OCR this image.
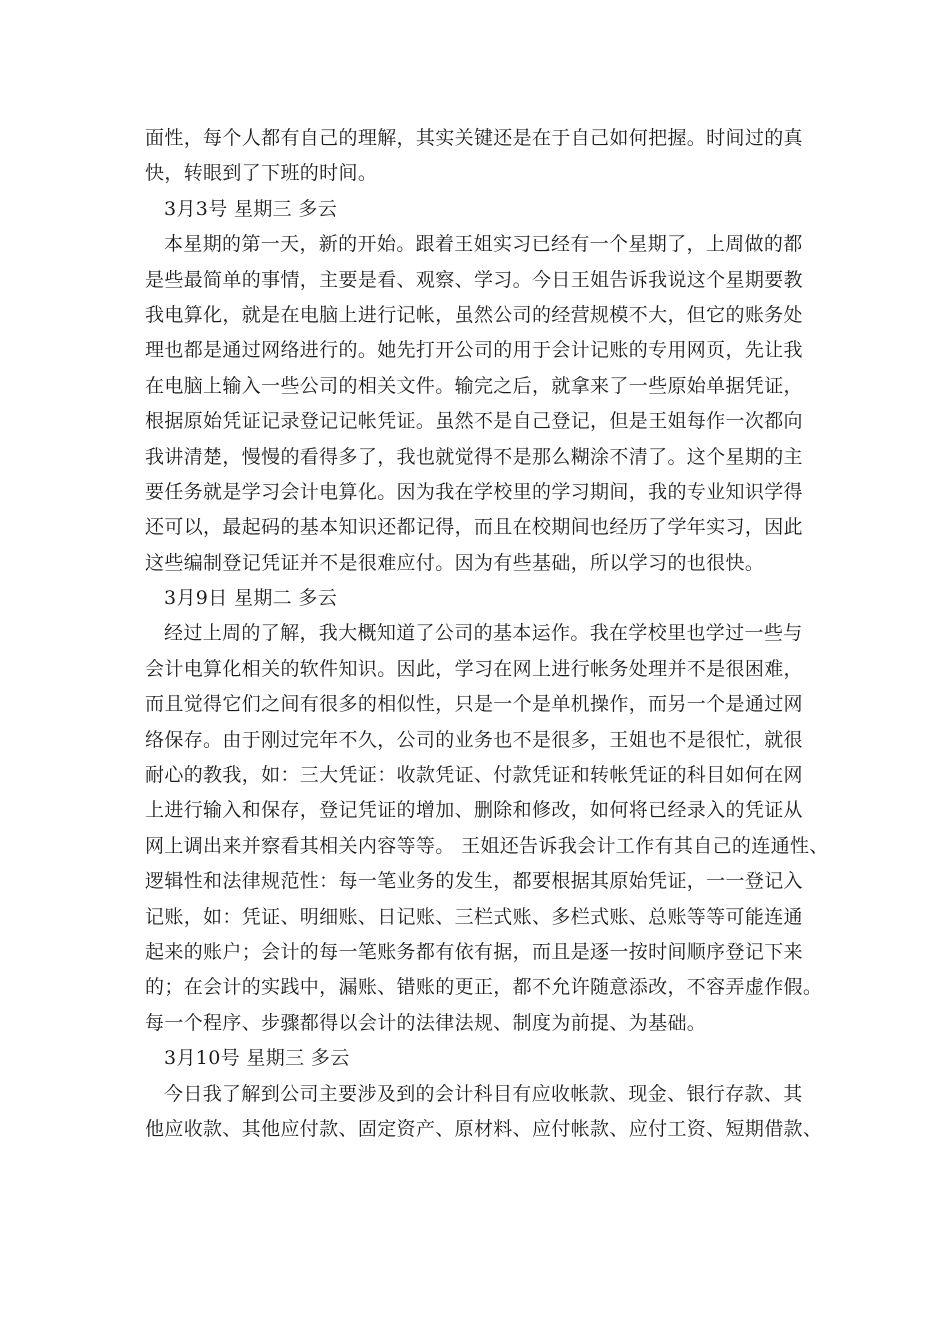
面性，每个人都有自己的理解，其实关键还是在于自己如何把握。时间过的真
快，转眼到了下班的时间。
3月3号 星期三 多云
本星期的第一天，新的开始。跟着王姐实习已经有一个星期了，上周做的都
是些最简单的事情，主要是看、观察、学习。今日王姐告诉我说这个星期要教
我电算化，就是在电脑上进行记帐，虽然公司的经营规模不大，但它的账务处
理也都是通过网络进行的。她先打开公司的用于会计记账的专用网页，先让我
在电脑上输入一些公司的相关文件。输完之后，就拿来了一些原始单据凭证，
根据原始凭证记录登记记帐凭证。虽然不是自己登记，但是王姐每作一次都向
我讲清楚，慢慢的看得多了，我也就觉得不是那么糊涂不清了。这个星期的主
要任务就是学习会计电算化。因为我在学校里的学习期间，我的专业知识学得
还可以，最起码的基本知识还都记得，而且在校期间也经历了学年实习，因此
这些编制登记凭证并不是很难应付。因为有些基础，所以学习的也很快。
3月9日 星期二 多云
经过上周的了解，我大概知道了公司的基本运作。我在学校里也学过一些与
会计电算化相关的软件知识。因此，学习在网上进行帐务处理并不是很困难，
而且觉得它们之间有很多的相似性，只是一个是单机操作，而另一个是通过网
络保存。由于刚过完年不久，公司的业务也不是很多，王姐也不是很忙，就很
耐心的教我，如：三大凭证：收款凭证、付款凭证和转帐凭证的科目如何在网
上进行输入和保存，登记凭证的增加、删除和修改，如何将已经录入的凭证从
网上调出来并察看其相关内容等等。 王姐还告诉我会计工作有其自己的连通性、
逻辑性和法律规范性：每一笔业务的发生，都要根据其原始凭证，一一登记入
记账，如：凭证、明细账、日记账、三栏式账、多栏式账、总账等等可能连通
起来的账户；会计的每一笔账务都有依有据，而且是逐一按时间顺序登记下来
的；在会计的实践中，漏账、错账的更正，都不允许随意添改，不容弄虚作假。
每一个程序、步骤都得以会计的法律法规、制度为前提、为基础。
3月10号 星期三 多云
今日我了解到公司主要涉及到的会计科目有应收帐款、现金、银行存款、其
他应收款、其他应付款、固定资产、原材料、应付帐款、应付工资、短期借款、
